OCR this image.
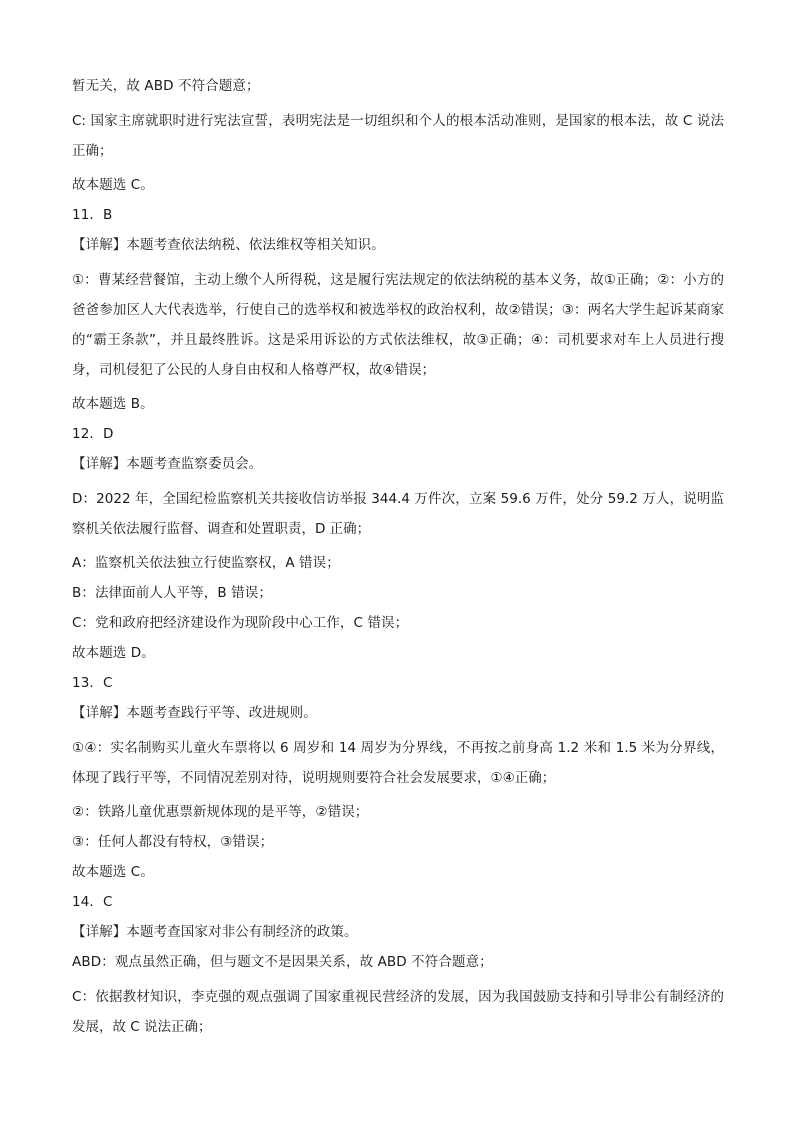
暂无关，故 ABD 不符合题意；
C: 国家主席就职时进行宪法宣誓，表明宪法是一切组织和个人的根本活动准则，是国家的根本法，故 C 说法正确；
故本题选 C。
11．B
【详解】本题考查依法纳税、依法维权等相关知识。
①：曹某经营餐馆，主动上缴个人所得税，这是履行宪法规定的依法纳税的基本义务，故①正确；②：小方的爸爸参加区人大代表选举，行使自己的选举权和被选举权的政治权利，故②错误；③：两名大学生起诉某商家的“霸王条款”，并且最终胜诉。这是采用诉讼的方式依法维权，故③正确；④：司机要求对车上人员进行搜身，司机侵犯了公民的人身自由权和人格尊严权，故④错误；
故本题选 B。
12．D
【详解】本题考查监察委员会。
D：2022 年，全国纪检监察机关共接收信访举报 344.4 万件次，立案 59.6 万件，处分 59.2 万人，说明监察机关依法履行监督、调查和处置职责，D 正确；
A：监察机关依法独立行使监察权，A 错误；
B：法律面前人人平等，B 错误；
C：党和政府把经济建设作为现阶段中心工作，C 错误；
故本题选 D。
13．C
【详解】本题考查践行平等、改进规则。
①④：实名制购买儿童火车票将以 6 周岁和 14 周岁为分界线，不再按之前身高 1.2 米和 1.5 米为分界线，体现了践行平等，不同情况差别对待，说明规则要符合社会发展要求，①④正确；
②：铁路儿童优惠票新规体现的是平等，②错误；
③：任何人都没有特权，③错误；
故本题选 C。
14．C
【详解】本题考查国家对非公有制经济的政策。
ABD：观点虽然正确，但与题文不是因果关系，故 ABD 不符合题意；
C：依据教材知识，李克强的观点强调了国家重视民营经济的发展，因为我国鼓励支持和引导非公有制经济的发展，故 C 说法正确；
